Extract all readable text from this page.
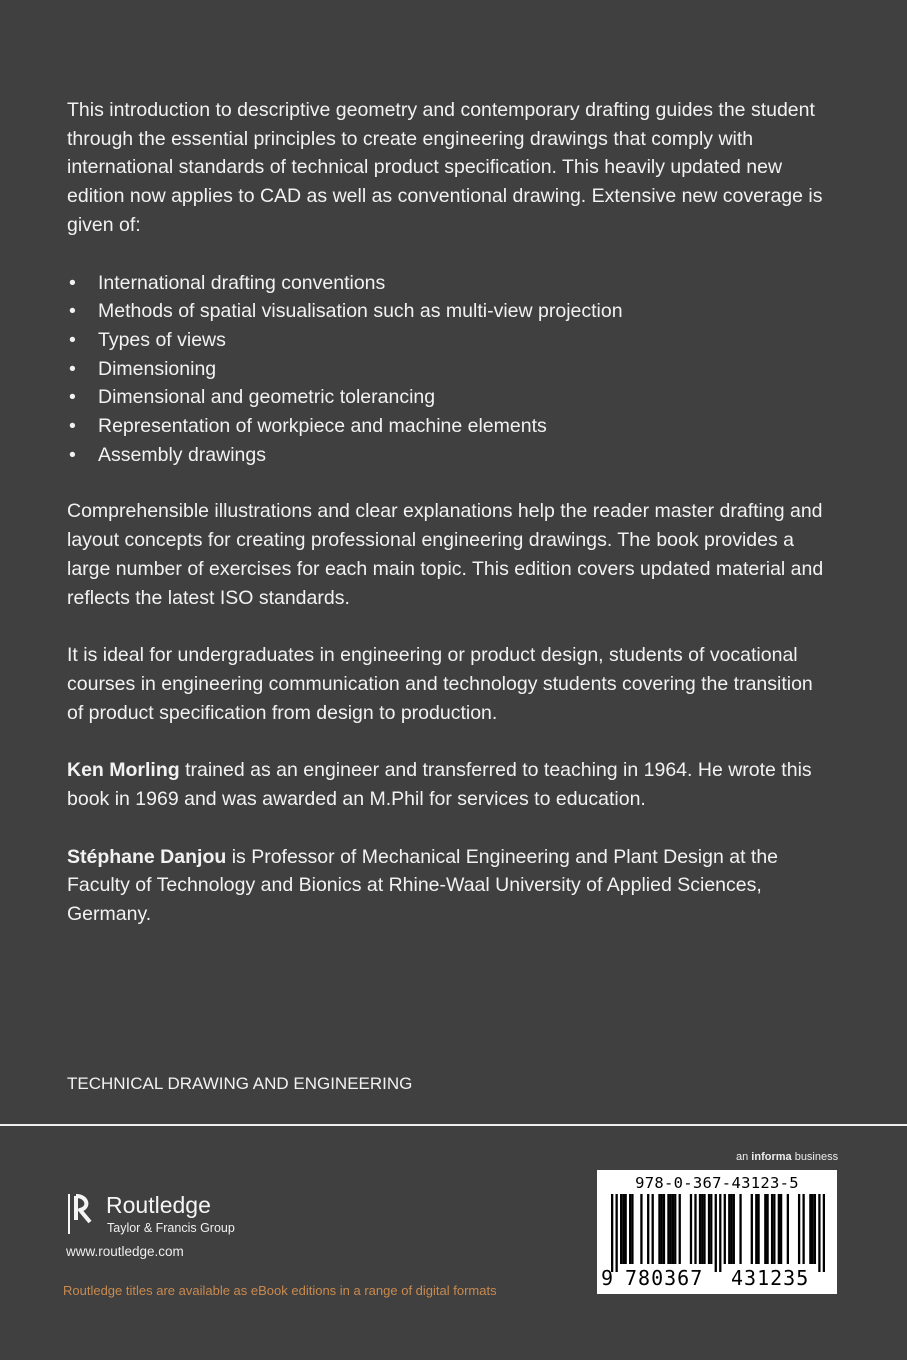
This introduction to descriptive geometry and contemporary drafting guides the student through the essential principles to create engineering drawings that comply with international standards of technical product specification. This heavily updated new edition now applies to CAD as well as conventional drawing. Extensive new coverage is given of:

• International drafting conventions
• Methods of spatial visualisation such as multi-view projection
• Types of views
• Dimensioning
• Dimensional and geometric tolerancing
• Representation of workpiece and machine elements
• Assembly drawings

Comprehensible illustrations and clear explanations help the reader master drafting and layout concepts for creating professional engineering drawings. The book provides a large number of exercises for each main topic. This edition covers updated material and reflects the latest ISO standards.

It is ideal for undergraduates in engineering or product design, students of vocational courses in engineering communication and technology students covering the transition of product specification from design to production.

Ken Morling trained as an engineer and transferred to teaching in 1964. He wrote this book in 1969 and was awarded an M.Phil for services to education.

Stéphane Danjou is Professor of Mechanical Engineering and Plant Design at the Faculty of Technology and Bionics at Rhine-Waal University of Applied Sciences, Germany.

TECHNICAL DRAWING AND ENGINEERING
Routledge
Taylor & Francis Group
www.routledge.com
Routledge titles are available as eBook editions in a range of digital formats
an informa business
978-0-367-43123-5
9 780367 431235
